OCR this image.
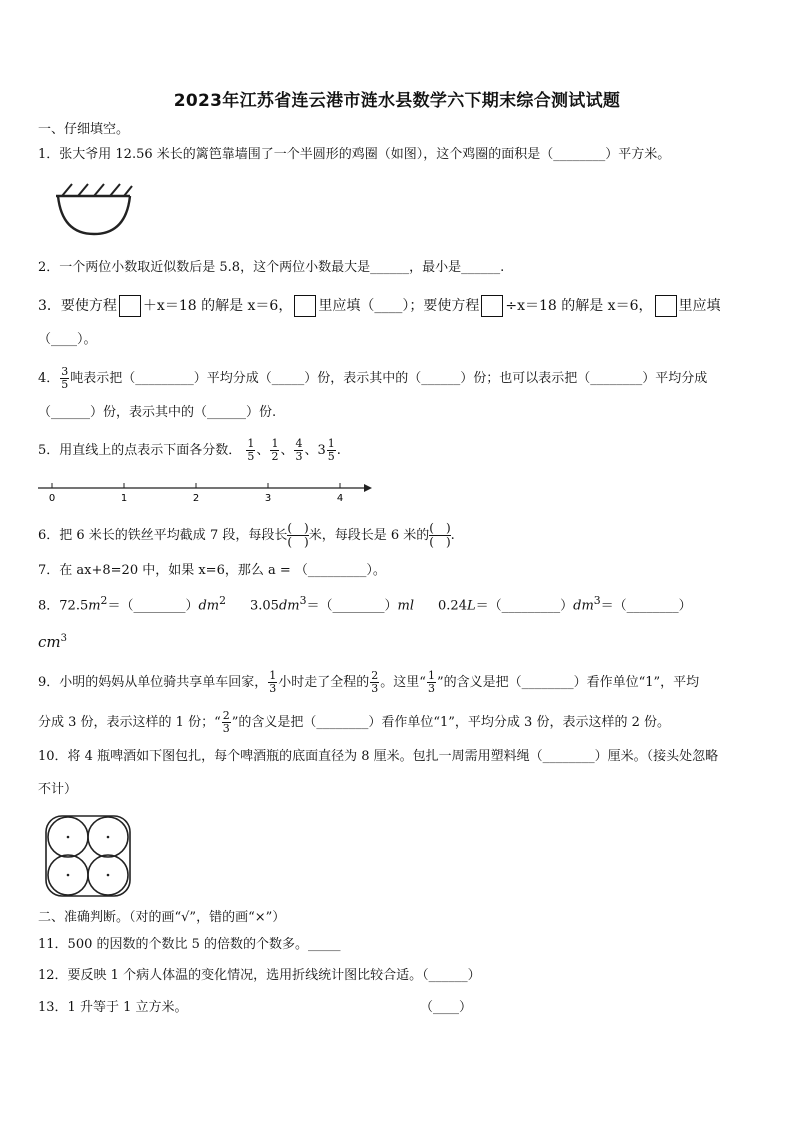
2023年江苏省连云港市涟水县数学六下期末综合测试试题
一、仔细填空。
1．张大爷用 12.56 米长的篱笆靠墙围了一个半圆形的鸡圈（如图），这个鸡圈的面积是（________）平方米。
2．一个两位小数取近似数后是 5.8，这个两位小数最大是______，最小是______.
3．要使方程 ＋x＝18 的解是 x＝6， 里应填（____）；要使方程 ÷x＝18 的解是 x＝6， 里应填
（____）。
4． $\frac{3}{5}$ 吨表示把（_________）平均分成（_____）份，表示其中的（______）份；也可以表示把（________）平均分成
（______）份，表示其中的（______）份.
5．用直线上的点表示下面各分数． $\frac{1}{5}$ 、 $\frac{1}{2}$ 、 $\frac{4}{3}$ 、$3 \frac{1}{5}$ .
0	1	2	3	4
6．把 6 米长的铁丝平均截成 7 段，每段长 $\frac{( )}{( )}$米，每段长是 6 米的 $\frac{( )}{( )}$.
7．在 ax+8=20 中，如果 x=6，那么 a = （_________）。
8．$72.5m^2=(\_\_\_\_\_\_\_\_)dm^2$ $3.05dm^3=(\_\_\_\_\_\_\_\_)ml$ $0.24L=(\_\_\_\_\_\_\_\_\_)dm^3=(\_\_\_\_\_\_\_\_)$
$cm^3$
9．小明的妈妈从单位骑共享单车回家， $\frac{1}{3}$ 小时走了全程的 $\frac{2}{3}$ 。这里“ $\frac{1}{3}$ ”的含义是把（________）看作单位“1”，平均
分成 3 份，表示这样的 1 份；“ $\frac{2}{3}$ ”的含义是把（________）看作单位“1”，平均分成 3 份，表示这样的 2 份。
10．将 4 瓶啤酒如下图包扎，每个啤酒瓶的底面直径为 8 厘米。包扎一周需用塑料绳（________）厘米。（接头处忽略
不计）
二、准确判断。（对的画“√”，错的画“×”）
11．500 的因数的个数比 5 的倍数的个数多。_____
12．要反映 1 个病人体温的变化情况，选用折线统计图比较合适。（______）
13．1 升等于 1 立方米。	（____）
